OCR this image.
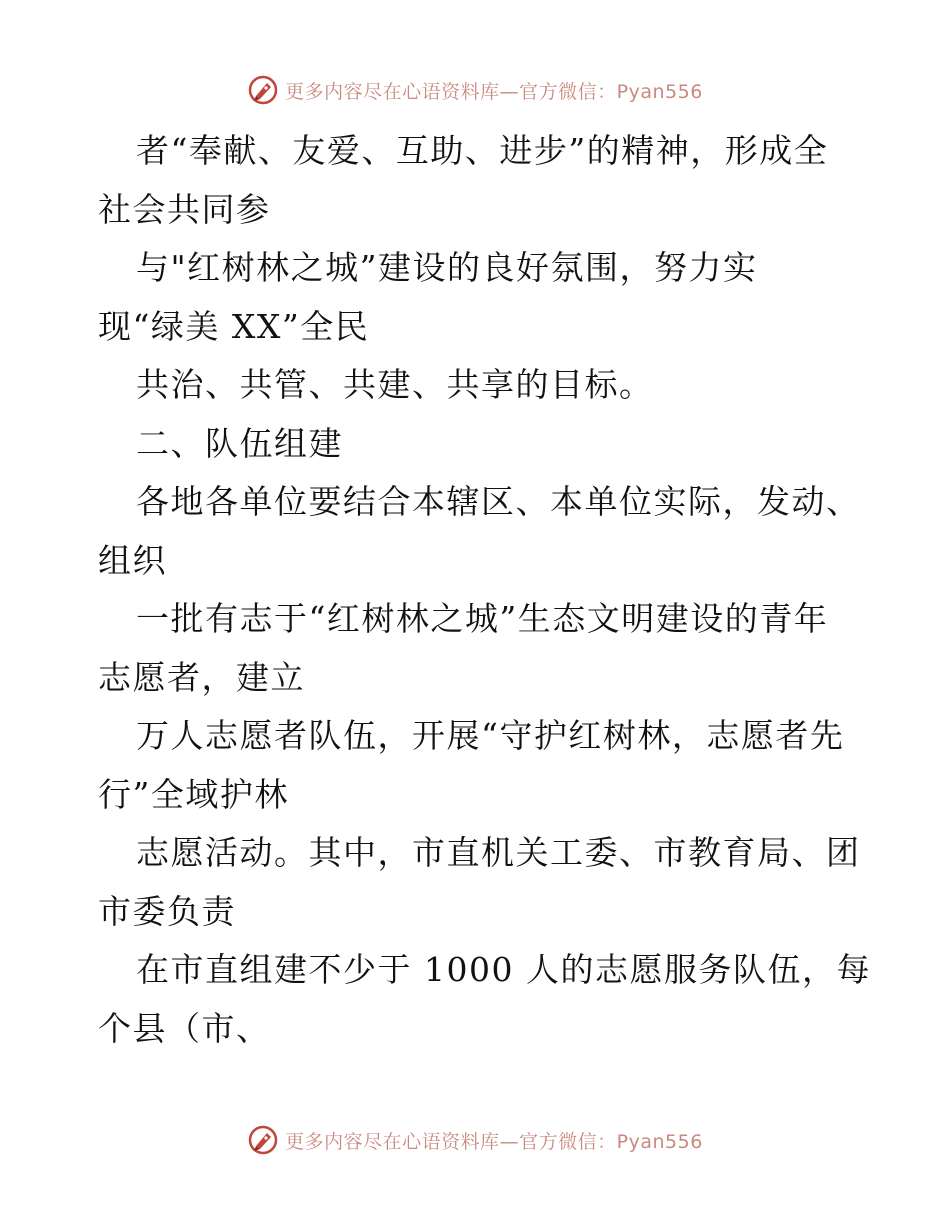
更多内容尽在心语资料库—官方微信：Pyan556
者“奉献、友爱、互助、进步”的精神，形成全
社会共同参
与"红树林之城”建设的良好氛围，努力实
现“绿美 XX”全民
共治、共管、共建、共享的目标。
二、队伍组建
各地各单位要结合本辖区、本单位实际，发动、
组织
一批有志于“红树林之城”生态文明建设的青年
志愿者，建立
万人志愿者队伍，开展“守护红树林，志愿者先
行”全域护林
志愿活动。其中，市直机关工委、市教育局、团
市委负责
在市直组建不少于 1000 人的志愿服务队伍，每
个县（市、
更多内容尽在心语资料库—官方微信：Pyan556
